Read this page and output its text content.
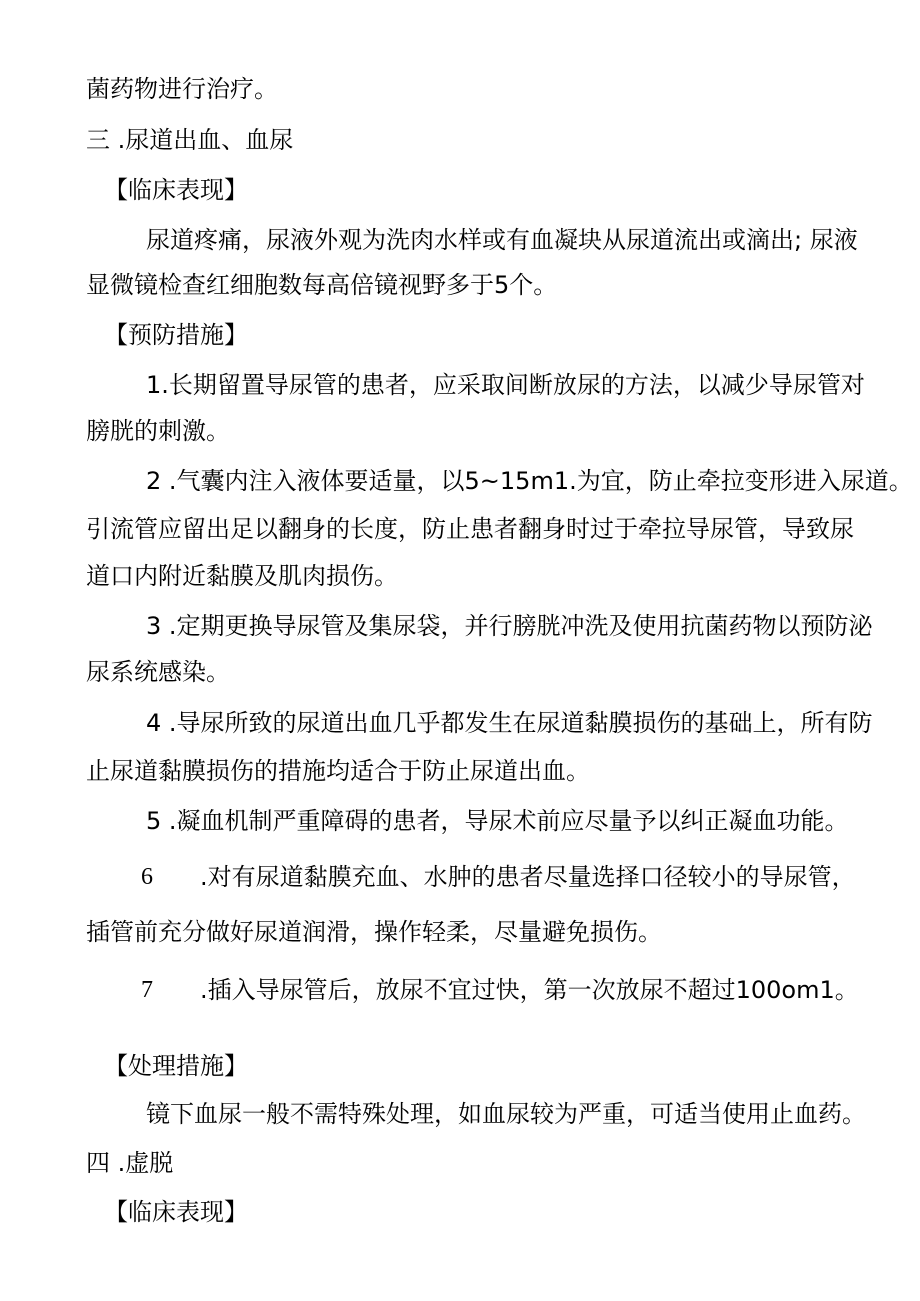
菌药物进行治疗。
三 .尿道出血、血尿
【临床表现】
尿道疼痛，尿液外观为洗肉水样或有血凝块从尿道流出或滴出; 尿液
显微镜检查红细胞数每高倍镜视野多于5个。
【预防措施】
1.长期留置导尿管的患者，应采取间断放尿的方法，以减少导尿管对
膀胱的刺激。
2 .气囊内注入液体要适量，以5~15m1.为宜，防止牵拉变形进入尿道。
引流管应留出足以翻身的长度，防止患者翻身时过于牵拉导尿管，导致尿
道口内附近黏膜及肌肉损伤。
3 .定期更换导尿管及集尿袋，并行膀胱冲洗及使用抗菌药物以预防泌
尿系统感染。
4 .导尿所致的尿道出血几乎都发生在尿道黏膜损伤的基础上，所有防
止尿道黏膜损伤的措施均适合于防止尿道出血。
5 .凝血机制严重障碍的患者，导尿术前应尽量予以纠正凝血功能。
6 .对有尿道黏膜充血、水肿的患者尽量选择口径较小的导尿管，
插管前充分做好尿道润滑，操作轻柔，尽量避免损伤。
7 .插入导尿管后，放尿不宜过快，第一次放尿不超过100om1。
【处理措施】
镜下血尿一般不需特殊处理，如血尿较为严重，可适当使用止血药。
四 .虚脱
【临床表现】
